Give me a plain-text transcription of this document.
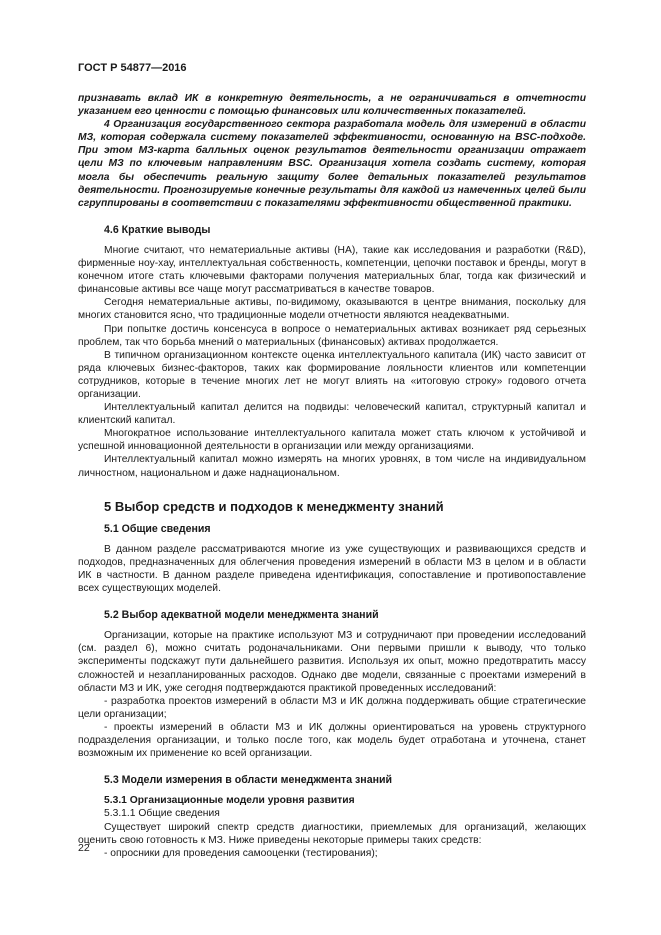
ГОСТ Р 54877—2016

признавать вклад ИК в конкретную деятельность, а не ограничиваться в отчетности указанием его ценности с помощью финансовых или количественных показателей.

4 Организация государственного сектора разработала модель для измерений в области МЗ, которая содержала систему показателей эффективности, основанную на BSC-подходе. При этом МЗ-карта балльных оценок результатов деятельности организации отражает цели МЗ по ключевым направлениям BSC. Организация хотела создать систему, которая могла бы обеспечить реальную защиту более детальных показателей результатов деятельности. Прогнозируемые конечные результаты для каждой из намеченных целей были сгруппированы в соответствии с показателями эффективности общественной практики.

4.6 Краткие выводы

Многие считают, что нематериальные активы (НА), такие как исследования и разработки (R&D), фирменные ноу-хау, интеллектуальная собственность, компетенции, цепочки поставок и бренды, могут в конечном итоге стать ключевыми факторами получения материальных благ, тогда как физический и финансовые активы все чаще могут рассматриваться в качестве товаров.

Сегодня нематериальные активы, по-видимому, оказываются в центре внимания, поскольку для многих становится ясно, что традиционные модели отчетности являются неадекватными.

При попытке достичь консенсуса в вопросе о нематериальных активах возникает ряд серьезных проблем, так что борьба мнений о материальных (финансовых) активах продолжается.

В типичном организационном контексте оценка интеллектуального капитала (ИК) часто зависит от ряда ключевых бизнес-факторов, таких как формирование лояльности клиентов или компетенции сотрудников, которые в течение многих лет не могут влиять на «итоговую строку» годового отчета организации.

Интеллектуальный капитал делится на подвиды: человеческий капитал, структурный капитал и клиентский капитал.

Многократное использование интеллектуального капитала может стать ключом к устойчивой и успешной инновационной деятельности в организации или между организациями.

Интеллектуальный капитал можно измерять на многих уровнях, в том числе на индивидуальном личностном, национальном и даже наднациональном.

5 Выбор средств и подходов к менеджменту знаний
5.1 Общие сведения

В данном разделе рассматриваются многие из уже существующих и развивающихся средств и подходов, предназначенных для облегчения проведения измерений в области МЗ в целом и в области ИК в частности. В данном разделе приведена идентификация, сопоставление и противопоставление всех существующих моделей.

5.2 Выбор адекватной модели менеджмента знаний

Организации, которые на практике используют МЗ и сотрудничают при проведении исследований (см. раздел 6), можно считать родоначальниками. Они первыми пришли к выводу, что только эксперименты подскажут пути дальнейшего развития. Используя их опыт, можно предотвратить массу сложностей и незапланированных расходов. Однако две модели, связанные с проектами измерений в области МЗ и ИК, уже сегодня подтверждаются практикой проведенных исследований:

- разработка проектов измерений в области МЗ и ИК должна поддерживать общие стратегические цели организации;

- проекты измерений в области МЗ и ИК должны ориентироваться на уровень структурного подразделения организации, и только после того, как модель будет отработана и уточнена, станет возможным их применение ко всей организации.

5.3 Модели измерения в области менеджмента знаний
5.3.1 Организационные модели уровня развития
5.3.1.1 Общие сведения

Существует широкий спектр средств диагностики, приемлемых для организаций, желающих оценить свою готовность к МЗ. Ниже приведены некоторые примеры таких средств:

- опросники для проведения самооценки (тестирования);

22
